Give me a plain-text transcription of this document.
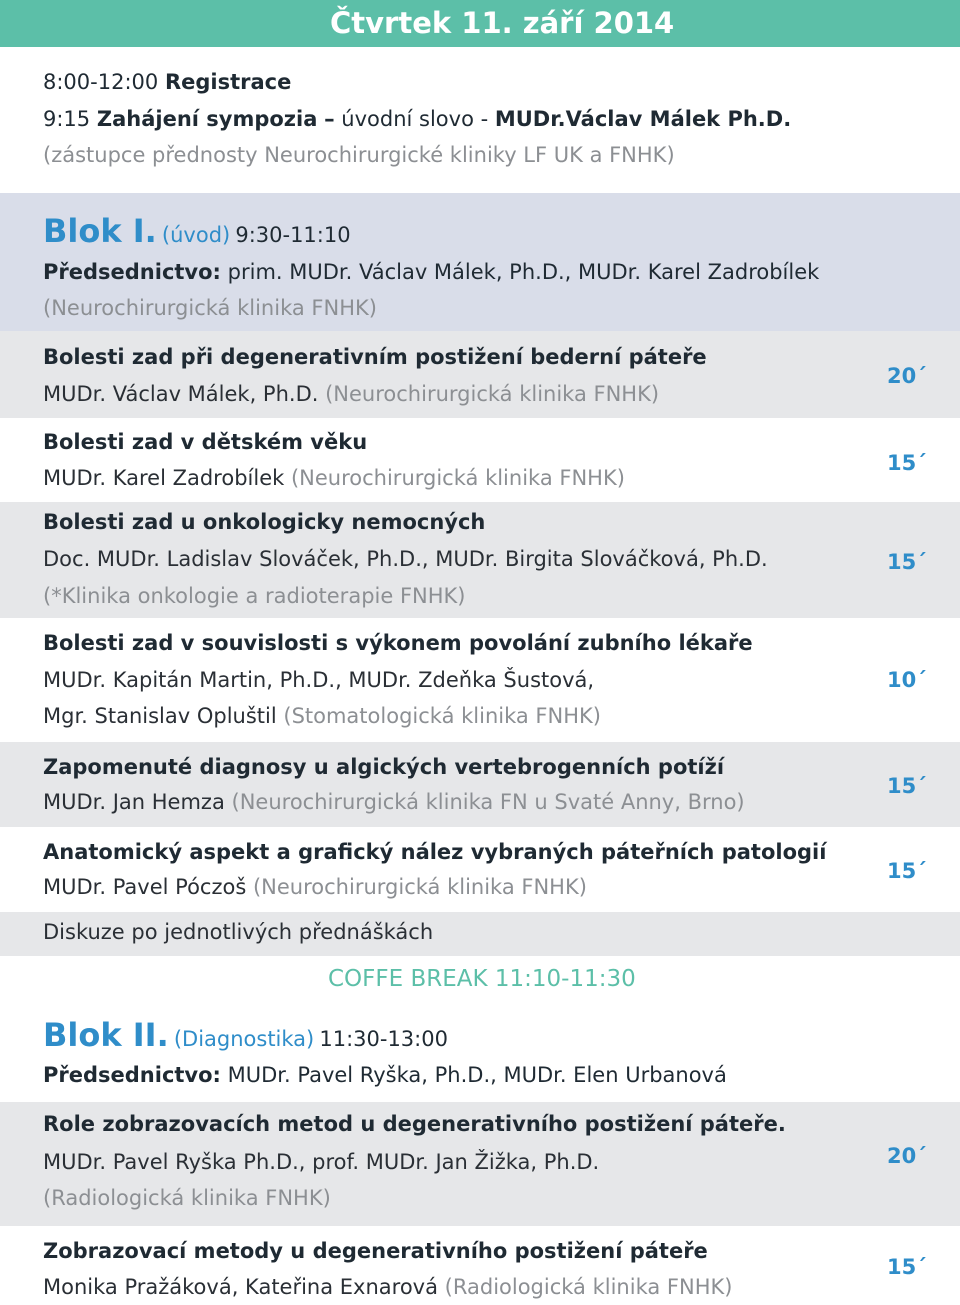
Čtvrtek 11. září 2014
8:00-12:00 Registrace
9:15 Zahájení sympozia – úvodní slovo - MUDr.Václav Málek Ph.D.
(zástupce přednosty Neurochirurgické kliniky LF UK a FNHK)
Blok I. (úvod) 9:30-11:10
Předsednictvo: prim. MUDr. Václav Málek, Ph.D., MUDr. Karel Zadrobílek
(Neurochirurgická klinika FNHK)
Bolesti zad při degenerativním postižení bederní páteře
MUDr. Václav Málek, Ph.D. (Neurochirurgická klinika FNHK)
20´
Bolesti zad v dětském věku
MUDr. Karel Zadrobílek (Neurochirurgická klinika FNHK)
15´
Bolesti zad u onkologicky nemocných
Doc. MUDr. Ladislav Slováček, Ph.D., MUDr. Birgita Slováčková, Ph.D.
(*Klinika onkologie a radioterapie FNHK)
15´
Bolesti zad v souvislosti s výkonem povolání zubního lékaře
MUDr. Kapitán Martin, Ph.D., MUDr. Zdeňka Šustová,
Mgr. Stanislav Opluštil (Stomatologická klinika FNHK)
10´
Zapomenuté diagnosy u algických vertebrogenních potíží
MUDr. Jan Hemza (Neurochirurgická klinika FN u Svaté Anny, Brno)
15´
Anatomický aspekt a grafický nález vybraných páteřních patologií
MUDr. Pavel Póczoš (Neurochirurgická klinika FNHK)
15´
Diskuze po jednotlivých přednáškách
COFFE BREAK 11:10-11:30
Blok II. (Diagnostika) 11:30-13:00
Předsednictvo: MUDr. Pavel Ryška, Ph.D., MUDr. Elen Urbanová
Role zobrazovacích metod u degenerativního postižení páteře.
MUDr. Pavel Ryška Ph.D., prof. MUDr. Jan Žižka, Ph.D.
(Radiologická klinika FNHK)
20´
Zobrazovací metody u degenerativního postižení páteře
Monika Pražáková, Kateřina Exnarová (Radiologická klinika FNHK)
15´
